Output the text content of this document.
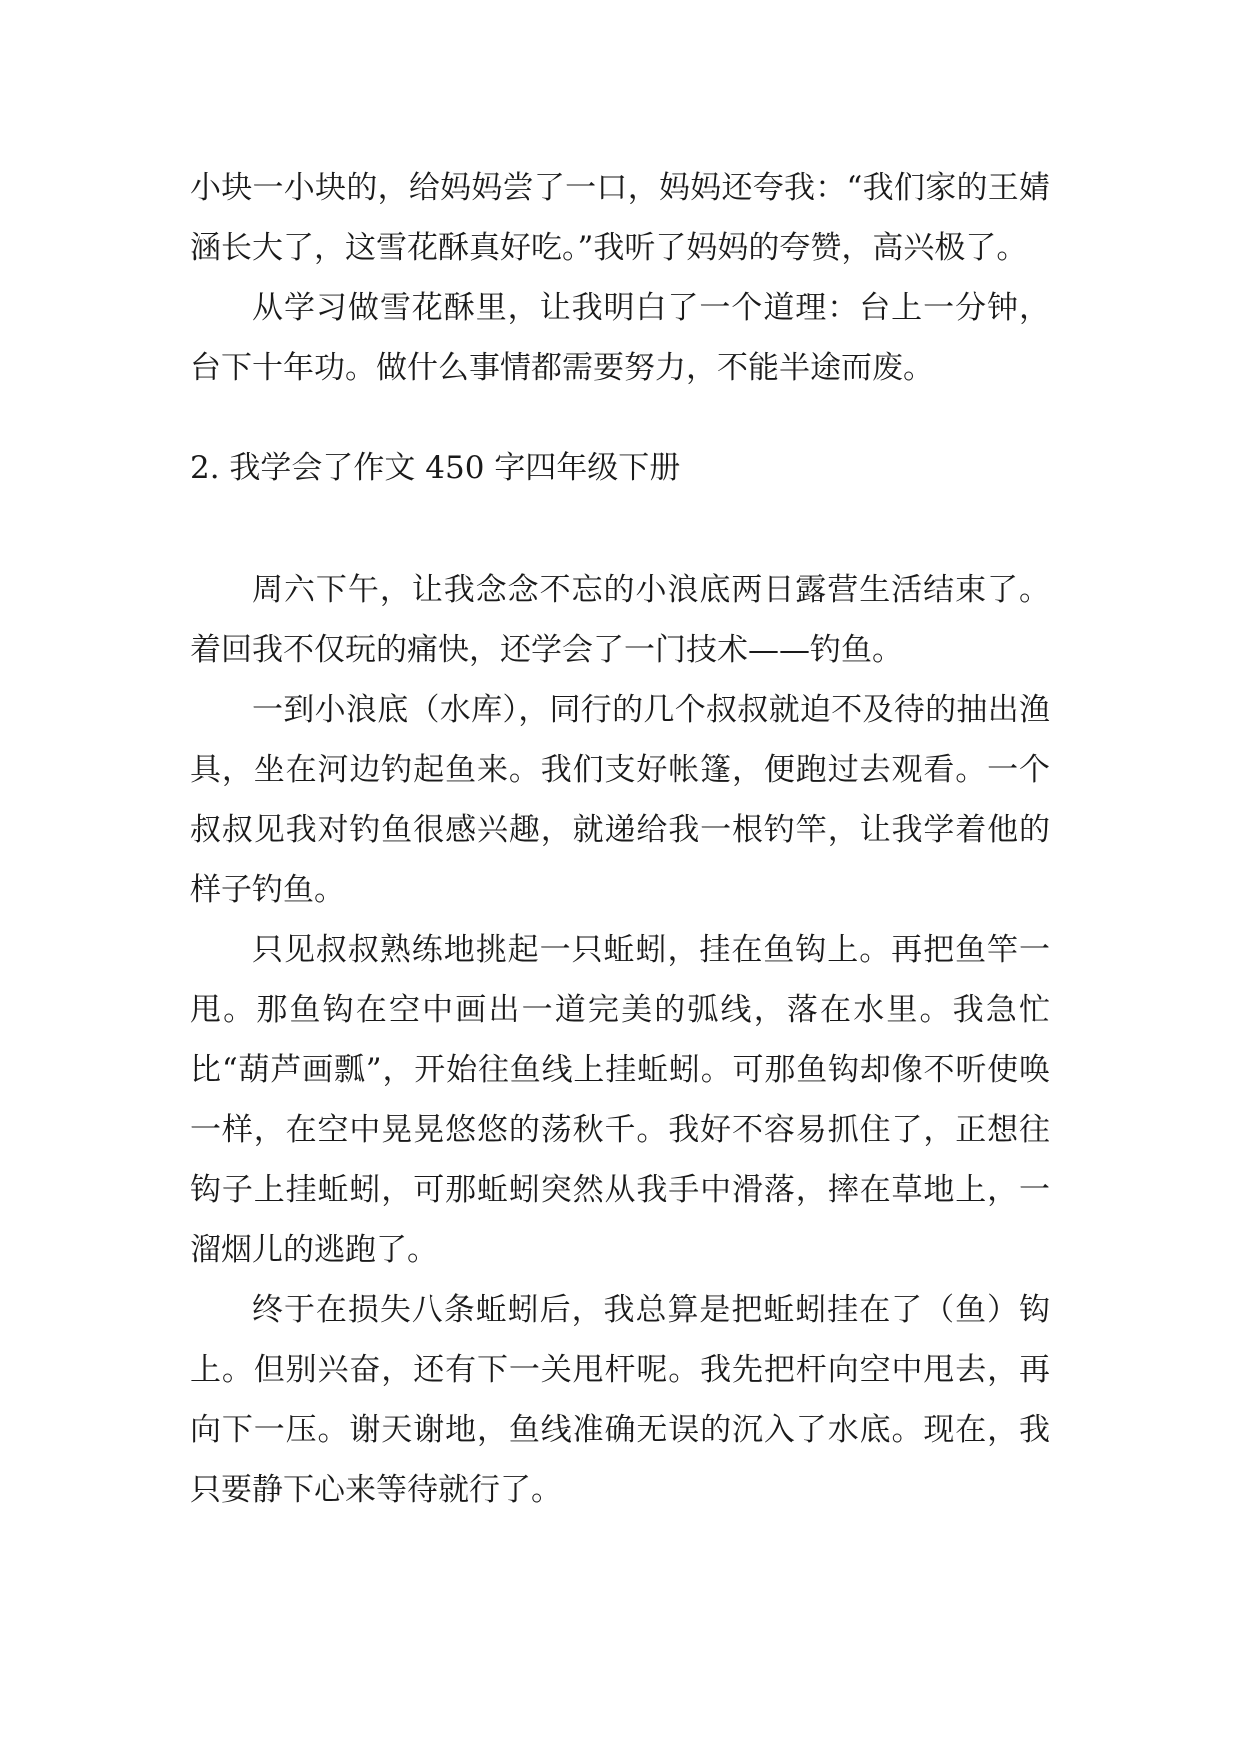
小块一小块的，给妈妈尝了一口，妈妈还夸我：“我们家的王婧涵长大了，这雪花酥真好吃。”我听了妈妈的夸赞，高兴极了。

从学习做雪花酥里，让我明白了一个道理：台上一分钟，台下十年功。做什么事情都需要努力，不能半途而废。

2. 我学会了作文 450 字四年级下册

周六下午，让我念念不忘的小浪底两日露营生活结束了。着回我不仅玩的痛快，还学会了一门技术——钓鱼。

一到小浪底（水库），同行的几个叔叔就迫不及待的抽出渔具，坐在河边钓起鱼来。我们支好帐篷，便跑过去观看。一个叔叔见我对钓鱼很感兴趣，就递给我一根钓竿，让我学着他的样子钓鱼。

只见叔叔熟练地挑起一只蚯蚓，挂在鱼钩上。再把鱼竿一甩。那鱼钩在空中画出一道完美的弧线，落在水里。我急忙比“葫芦画瓢”，开始往鱼线上挂蚯蚓。可那鱼钩却像不听使唤一样，在空中晃晃悠悠的荡秋千。我好不容易抓住了，正想往钩子上挂蚯蚓，可那蚯蚓突然从我手中滑落，摔在草地上，一溜烟儿的逃跑了。

终于在损失八条蚯蚓后，我总算是把蚯蚓挂在了（鱼）钩上。但别兴奋，还有下一关甩杆呢。我先把杆向空中甩去，再向下一压。谢天谢地，鱼线准确无误的沉入了水底。现在，我只要静下心来等待就行了。
